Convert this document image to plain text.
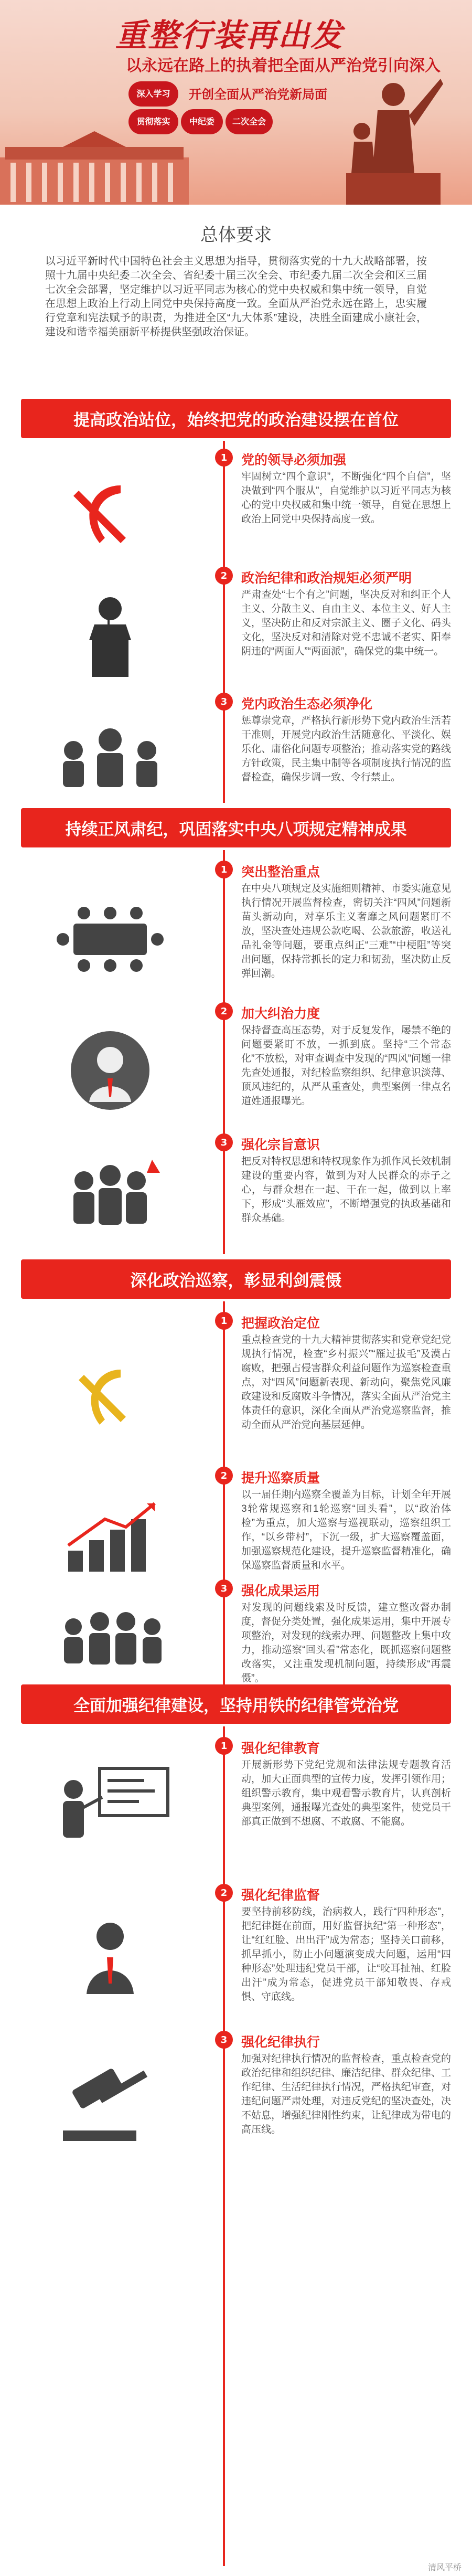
重整行装再出发
以永远在路上的执着把全面从严治党引向深入
深入学习
贯彻落实	中纪委	二次全会
开创全面从严治党新局面
总体要求

以习近平新时代中国特色社会主义思想为指导，贯彻落实党的十九大战略部署，按照十九届中央纪委二次全会、省纪委十届三次全会、市纪委九届二次全会和区三届七次全会部署，坚定维护以习近平同志为核心的党中央权威和集中统一领导，自觉在思想上政治上行动上同党中央保持高度一致。全面从严治党永远在路上，忠实履行党章和宪法赋予的职责，为推进全区“九大体系”建设，决胜全面建成小康社会，建设和谐幸福美丽新平桥提供坚强政治保证。

提高政治站位，始终把党的政治建设摆在首位
1	党的领导必须加强
牢固树立“四个意识”，不断强化“四个自信”，坚决做到“四个服从”，自觉维护以习近平同志为核心的党中央权威和集中统一领导，自觉在思想上政治上同党中央保持高度一致。
2	政治纪律和政治规矩必须严明
严肃查处“七个有之”问题，坚决反对和纠正个人主义、分散主义、自由主义、本位主义、好人主义，坚决防止和反对宗派主义、圈子文化、码头文化，坚决反对和清除对党不忠诚不老实、阳奉阴违的“两面人”“两面派”，确保党的集中统一。
3	党内政治生态必须净化
惩尊崇党章，严格执行新形势下党内政治生活若干准则，开展党内政治生活随意化、平淡化、娱乐化、庸俗化问题专项整治；推动落实党的路线方针政策，民主集中制等各项制度执行情况的监督检查，确保步调一致、令行禁止。
持续正风肃纪，巩固落实中央八项规定精神成果
1	突出整治重点
在中央八项规定及实施细则精神、市委实施意见执行情况开展监督检查，密切关注“四风”问题新苗头新动向，对享乐主义奢靡之风问题紧盯不放，坚决查处违规公款吃喝、公款旅游，收送礼品礼金等问题，要重点纠正“三难”“中梗阻”等突出问题，保持常抓长的定力和韧劲，坚决防止反弹回潮。
2	加大纠治力度
保持督查高压态势，对于反复发作，屡禁不绝的问题要紧盯不放，一抓到底。坚持“三个常态化”不放松，对审查调查中发现的“四风”问题一律先查处通报，对纪检监察组织、纪律意识淡薄、顶风违纪的，从严从重查处，典型案例一律点名道姓通报曝光。
3	强化宗旨意识
把反对特权思想和特权现象作为抓作风长效机制建设的重要内容，做到为对人民群众的赤子之心，与群众想在一起、干在一起，做到以上率下，形成“头雁效应”，不断增强党的执政基础和群众基础。
深化政治巡察，彰显利剑震慑
1	把握政治定位
重点检查党的十九大精神贯彻落实和党章党纪党规执行情况，检查“乡村振兴”“雁过拔毛”及漠占腐败，把强占侵害群众利益问题作为巡察检查重点，对“四风”问题新表现、新动向，聚焦党风廉政建设和反腐败斗争情况，落实全面从严治党主体责任的意识，深化全面从严治党巡察监督，推动全面从严治党向基层延伸。
2	提升巡察质量
以一届任期内巡察全覆盖为目标，计划全年开展3轮常规巡察和1轮巡察“回头看”，以“政治体检”为重点，加大巡察与巡视联动，巡察组织工作，“以乡带村”，下沉一级，扩大巡察覆盖面，加强巡察规范化建设，提升巡察监督精准化，确保巡察监督质量和水平。
3	强化成果运用
对发现的问题线索及时反馈，建立整改督办制度，督促分类处置，强化成果运用，集中开展专项整治，对发现的线索办理、问题整改上集中攻力，推动巡察“回头看”常态化，既抓巡察问题整改落实，又注重发现机制问题，持续形成“再震慑”。
全面加强纪律建设，坚持用铁的纪律管党治党
1	强化纪律教育
开展新形势下党纪党规和法律法规专题教育活动，加大正面典型的宣传力度，发挥引领作用；组织警示教育，集中观看警示教育片，认真剖析典型案例，通报曝光查处的典型案件，使党员干部真正做到不想腐、不敢腐、不能腐。
2	强化纪律监督
要坚持前移防线，治病救人，践行“四种形态”，把纪律挺在前面，用好监督执纪“第一种形态”，让“红红脸、出出汗”成为常态；坚持关口前移，抓早抓小，防止小问题演变成大问题，运用“四种形态”处理违纪党员干部，让“咬耳扯袖、红脸出汗”成为常态，促进党员干部知敬畏、存戒惧、守底线。
3	强化纪律执行
加强对纪律执行情况的监督检查，重点检查党的政治纪律和组织纪律、廉洁纪律、群众纪律、工作纪律、生活纪律执行情况，严格执纪审查，对违纪问题严肃处理，对违反党纪的坚决查处，决不姑息，增强纪律刚性约束，让纪律成为带电的高压线。
清风平桥
